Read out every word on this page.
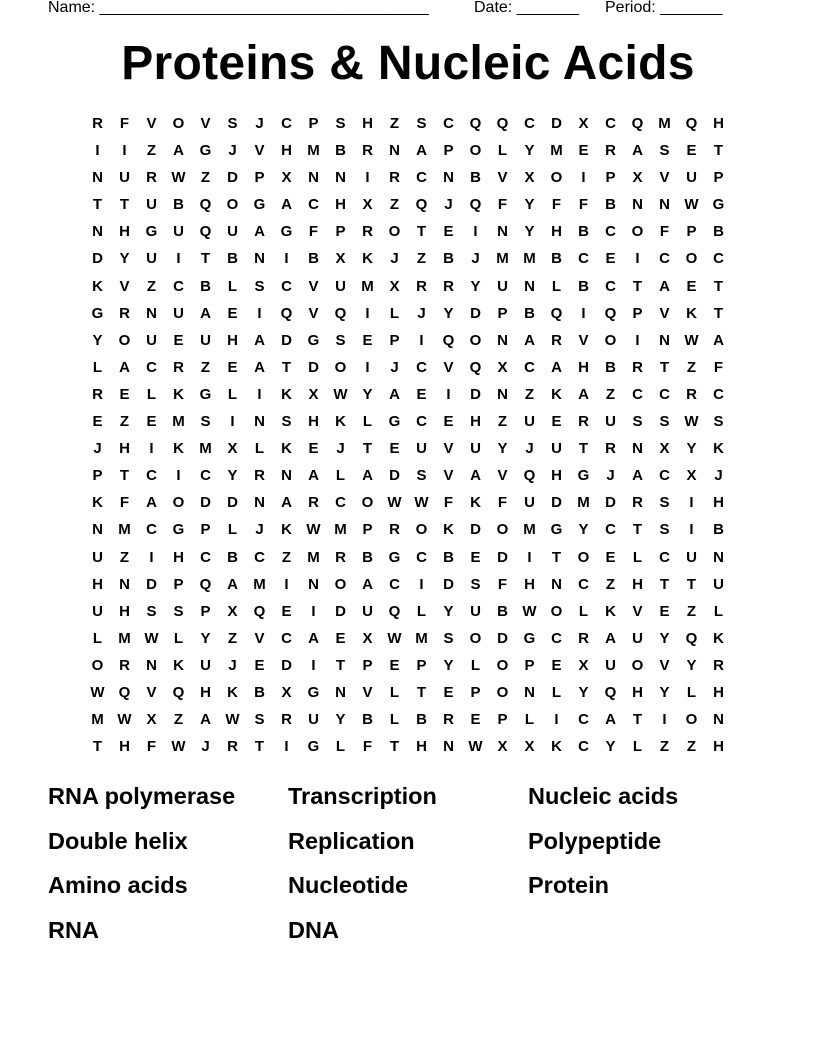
Name: _____________________________________	Date: _______ Period: _______
Proteins & Nucleic Acids
R	F	V	O	V	S	J	C	P	S	H	Z	S	C	Q	Q	C	D	X	C	Q M Q	H
I	I	Z	A	G	J	V	H	M	B	R	N	A	P	O	L	Y	M	E	R	A	S	E	T
N	U	R W	Z	D	P	X	N	N	I	R	C	N	B	V	X	O	I	P	X	V	U	P
T	T	U	B	Q	O	G	A	C	H	X	Z	Q	J	Q	F	Y	F	F	B	N	N W G
N	H	G	U	Q	U	A	G	F	P	R	O	T	E	I	N	Y	H	B	C	O	F	P	B
D	Y	U	I	T	B	N	I	B	X	K	J	Z	B	J	M M	B	C	E	I	C	O	C
K	V	Z	C	B	L	S	C	V	U	M	X	R	R	Y	U	N	L	B	C	T	A	E	T
G	R	N	U	A	E	I	Q	V	Q	I	L	J	Y	D	P	B	Q	I	Q	P	V	K	T
Y	O	U	E	U	H	A	D	G	S	E	P	I	Q	O	N	A	R	V	O	I	N W A
L	A	C	R	Z	E	A	T	D	O	I	J	C	V	Q	X	C	A	H	B	R	T	Z	F
R	E	L	K	G	L	I	K	X W Y	A	E	I	D	N	Z	K	A	Z	C	C	R	C
E	Z	E	M	S	I	N	S	H	K	L	G	C	E	H	Z	U	E	R	U	S	S W S
J	H	I	K	M	X	L	K	E	J	T	E	U	V	U	Y	J	U	T	R	N	X	Y	K
P	T	C	I	C	Y	R	N	A	L	A	D	S	V	A	V	Q	H	G	J	A	C	X	J
K	F	A	O	D	D	N	A	R	C	O W W	F	K	F	U	D	M	D	R	S	I	H
N	M	C	G	P	L	J	K W M	P	R	O	K	D	O M G	Y	C	T	S	I	B
U	Z	I	H	C	B	C	Z	M	R	B	G	C	B	E	D	I	T	O	E	L	C	U	N
H	N	D	P	Q	A	M	I	N	O	A	C	I	D	S	F	H	N	C	Z	H	T	T	U
U	H	S	S	P	X	Q	E	I	D	U	Q	L	Y	U	B W O	L	K	V	E	Z	L
L	M W	L	Y	Z	V	C	A	E	X W M	S	O	D	G	C	R	A	U	Y	Q	K
O	R	N	K	U	J	E	D	I	T	P	E	P	Y	L	O	P	E	X	U	O	V	Y	R
W Q	V	Q	H	K	B	X	G	N	V	L	T	E	P	O	N	L	Y	Q	H	Y	L	H
M W X	Z	A W S	R	U	Y	B	L	B	R	E	P	L	I	C	A	T	I	O	N
T	H	F	W	J	R	T	I	G	L	F	T	H	N W X	X	K	C	Y	L	Z	Z	H
RNA polymerase	Transcription	Nucleic acids
Double helix	Replication	Polypeptide
Amino acids	Nucleotide	Protein
RNA	DNA
